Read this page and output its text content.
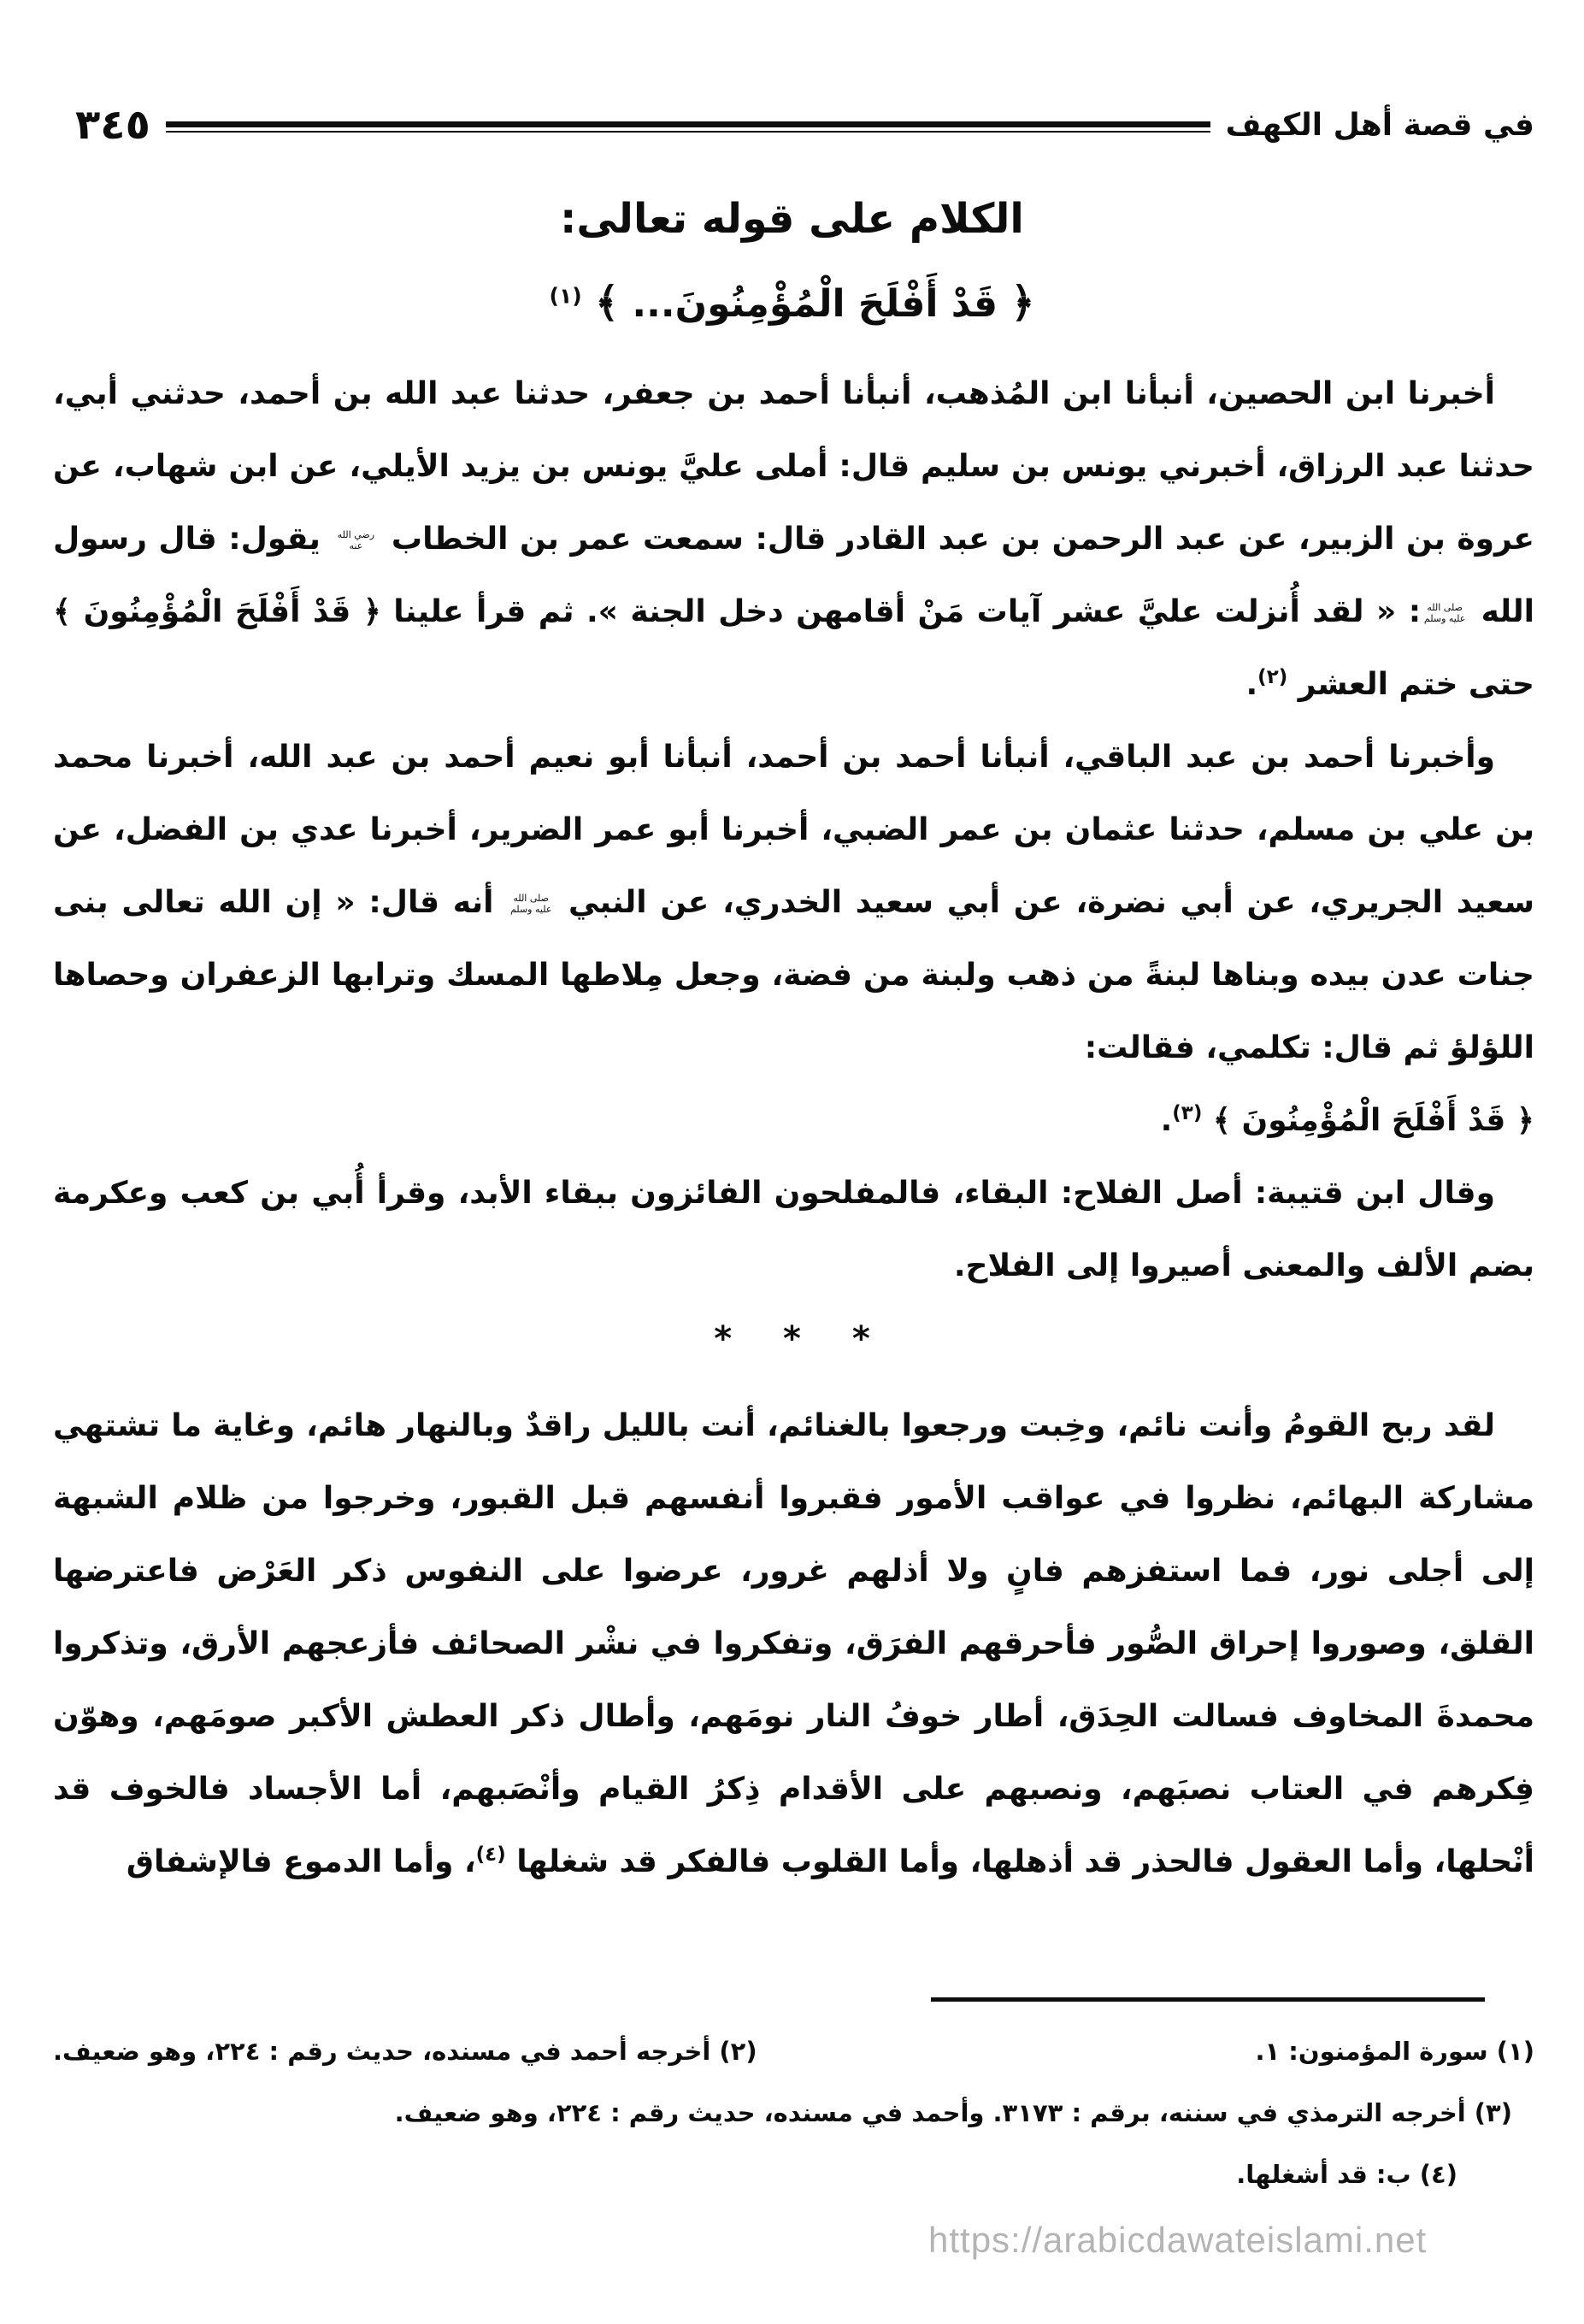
في قصة أهل الكهف
٣٤٥
الكلام على قوله تعالى:
﴿ قَدْ أَفْلَحَ الْمُؤْمِنُونَ... ﴾ $^{(١)}$

أخبرنا ابن الحصين، أنبأنا ابن المُذهب، أنبأنا أحمد بن جعفر، حدثنا عبد الله بن أحمد، حدثني أبي، حدثنا عبد الرزاق، أخبرني يونس بن سليم قال: أملى عليَّ يونس بن يزيد الأيلي، عن ابن شهاب، عن عروة بن الزبير، عن عبد الرحمن بن عبد القادر قال: سمعت عمر بن الخطاب رضي الله عنه يقول: قال رسول الله صلى الله عليه وسلم: « لقد أُنزلت عليَّ عشر آيات مَنْ أقامهن دخل الجنة ». ثم قرأ علينا ﴿ قَدْ أَفْلَحَ الْمُؤْمِنُونَ ﴾ حتى ختم العشر $^{(٢)}$.

وأخبرنا أحمد بن عبد الباقي، أنبأنا أحمد بن أحمد، أنبأنا أبو نعيم أحمد بن عبد الله، أخبرنا محمد بن علي بن مسلم، حدثنا عثمان بن عمر الضبي، أخبرنا أبو عمر الضرير، أخبرنا عدي بن الفضل، عن سعيد الجريري، عن أبي نضرة، عن أبي سعيد الخدري، عن النبي صلى الله عليه وسلم أنه قال: « إن الله تعالى بنى جنات عدن بيده وبناها لبنةً من ذهب ولبنة من فضة، وجعل مِلاطها المسك وترابها الزعفران وحصاها اللؤلؤ ثم قال: تكلمي، فقالت:

﴿ قَدْ أَفْلَحَ الْمُؤْمِنُونَ ﴾ $^{(٣)}$.

وقال ابن قتيبة: أصل الفلاح: البقاء، فالمفلحون الفائزون ببقاء الأبد، وقرأ أُبي بن كعب وعكرمة بضم الألف والمعنى أصيروا إلى الفلاح.

* * *

لقد ربح القومُ وأنت نائم، وخِبت ورجعوا بالغنائم، أنت بالليل راقدٌ وبالنهار هائم، وغاية ما تشتهي مشاركة البهائم، نظروا في عواقب الأمور فقبروا أنفسهم قبل القبور، وخرجوا من ظلام الشبهة إلى أجلى نور، فما استفزهم فانٍ ولا أذلهم غرور، عرضوا على النفوس ذكر العَرْض فاعترضها القلق، وصوروا إحراق الصُّور فأحرقهم الفرَق، وتفكروا في نشْر الصحائف فأزعجهم الأرق، وتذكروا محمدةَ المخاوف فسالت الحِدَق، أطار خوفُ النار نومَهم، وأطال ذكر العطش الأكبر صومَهم، وهوّن فِكرهم في العتاب نصبَهم، ونصبهم على الأقدام ذِكرُ القيام وأنْصَبهم، أما الأجساد فالخوف قد أنْحلها، وأما العقول فالحذر قد أذهلها، وأما القلوب فالفكر قد شغلها $^{(٤)}$، وأما الدموع فالإشفاق

(١) سورة المؤمنون: ١.
(٢) أخرجه أحمد في مسنده، حديث رقم : ٢٢٤، وهو ضعيف.
(٣) أخرجه الترمذي في سننه، برقم : ٣١٧٣. وأحمد في مسنده، حديث رقم : ٢٢٤، وهو ضعيف.
(٤) ب: قد أشغلها.
https://arabicdawateislami.net
